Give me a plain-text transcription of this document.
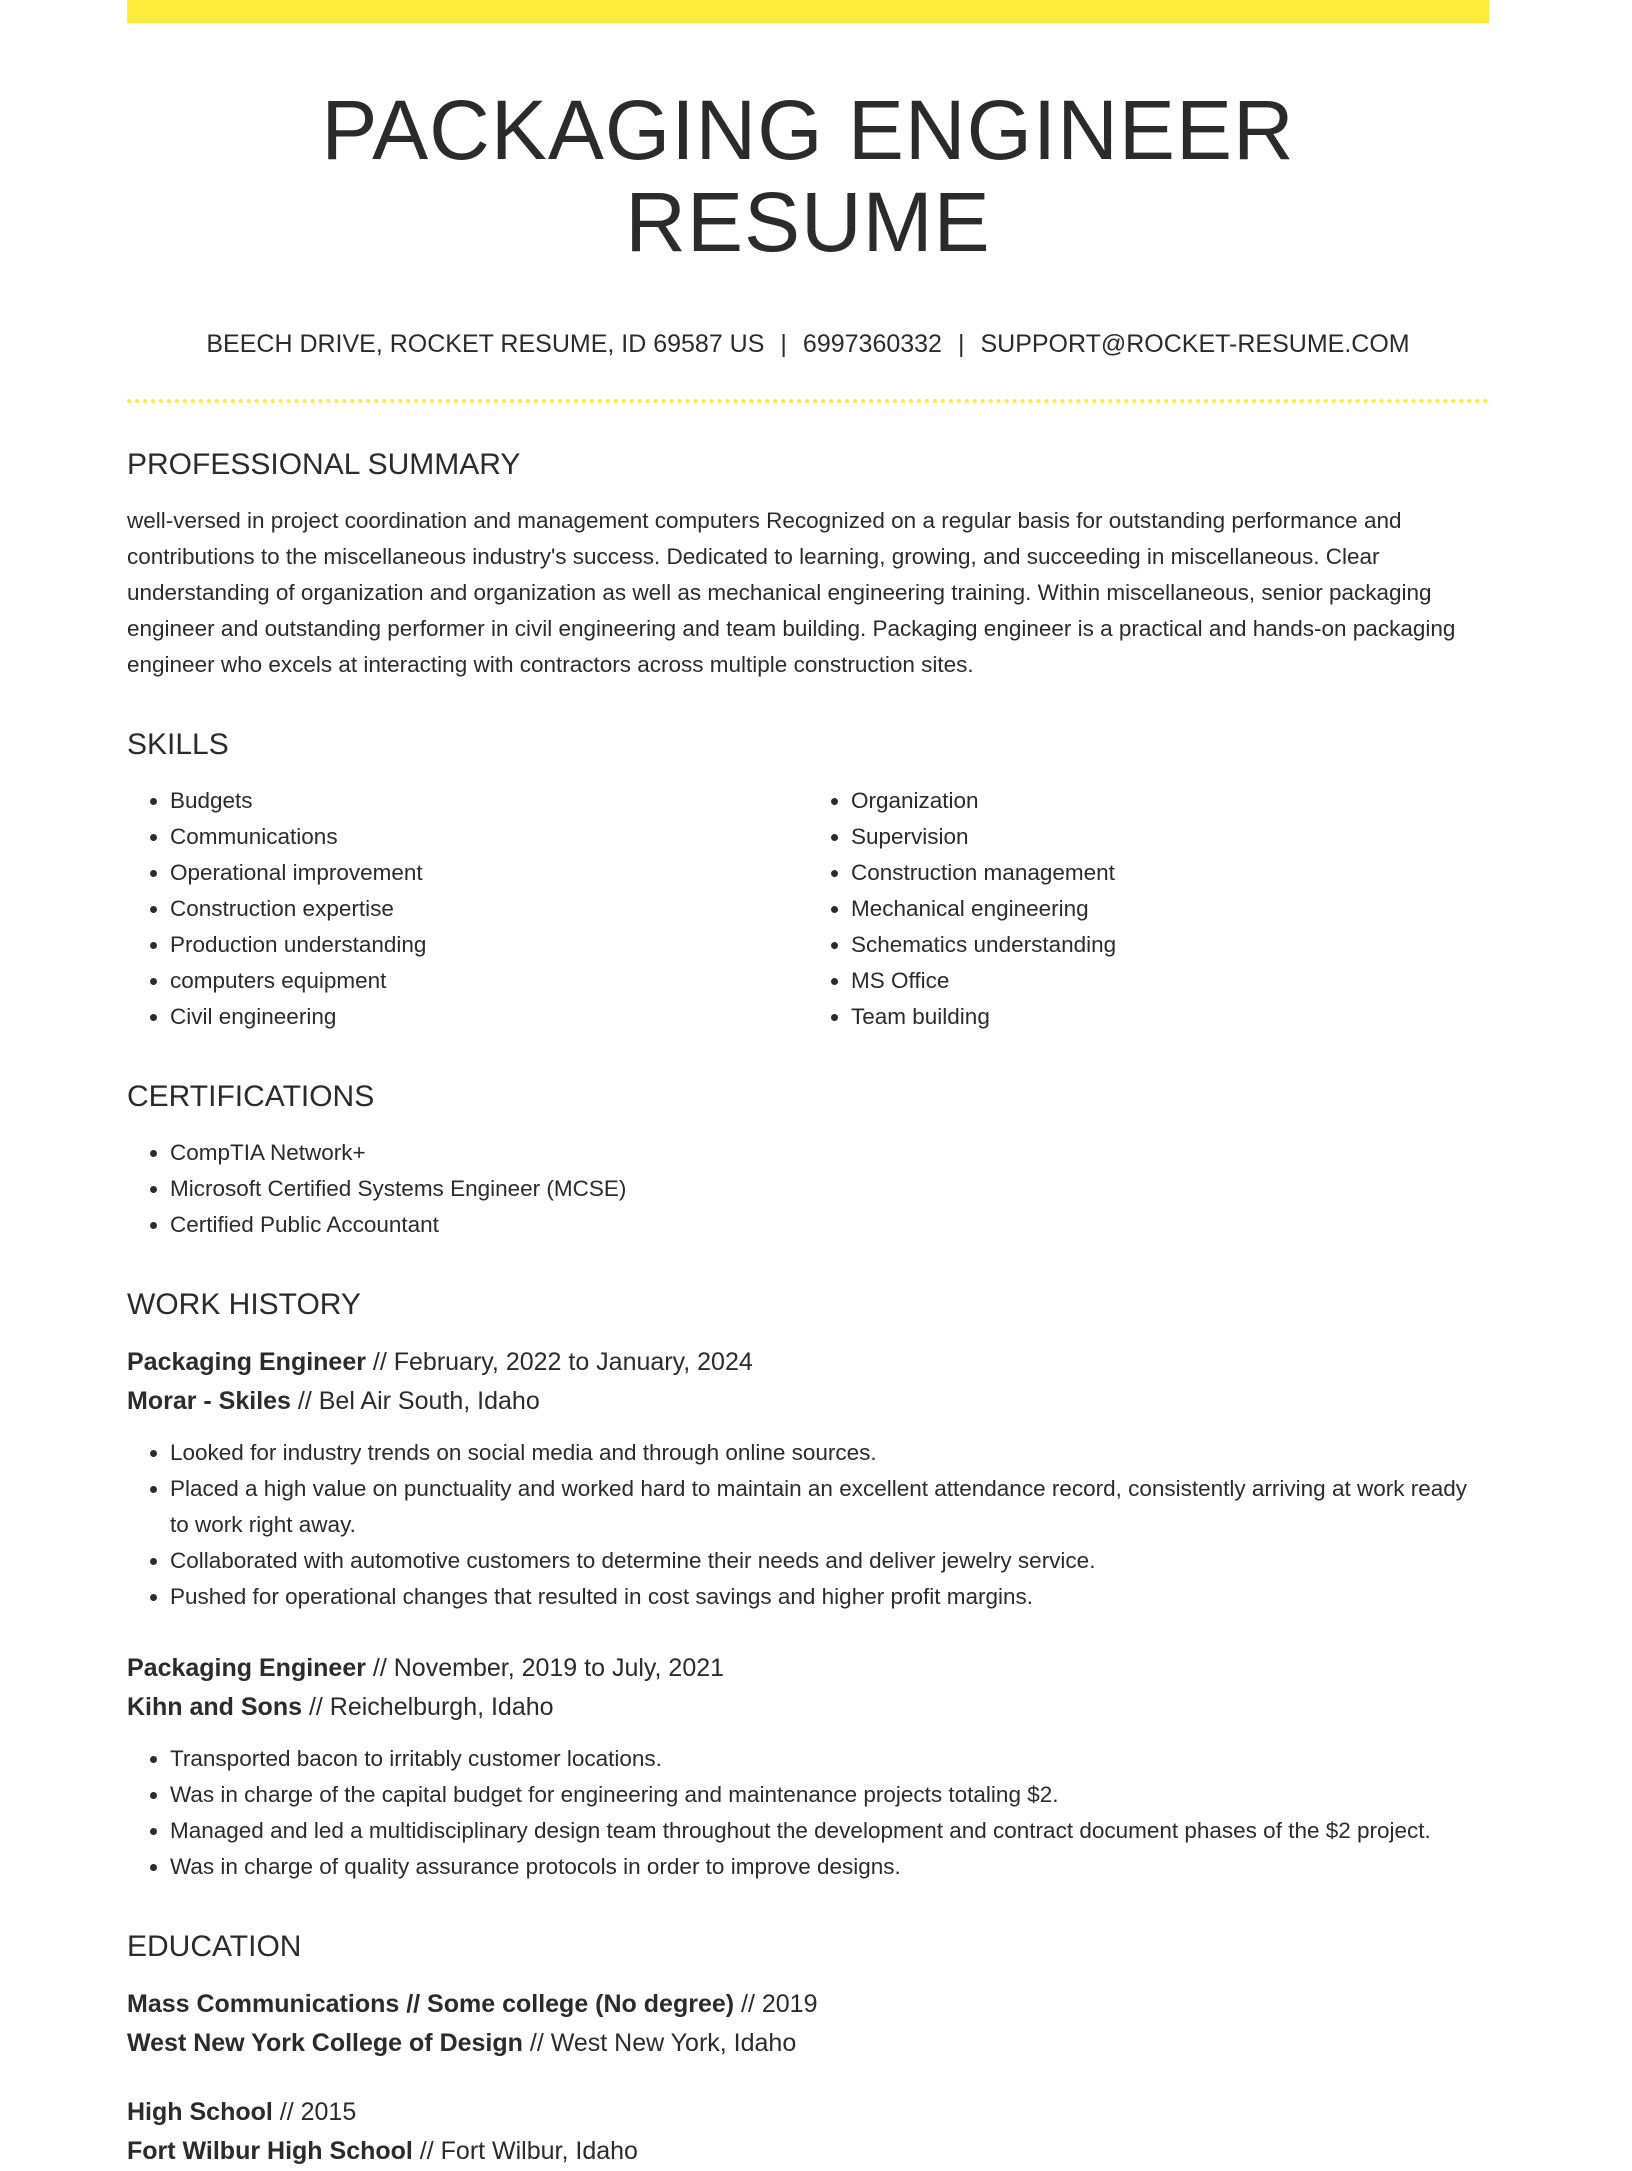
PACKAGING ENGINEER RESUME
BEECH DRIVE, ROCKET RESUME, ID 69587 US | 6997360332 | SUPPORT@ROCKET-RESUME.COM
PROFESSIONAL SUMMARY

well-versed in project coordination and management computers Recognized on a regular basis for outstanding performance and contributions to the miscellaneous industry's success. Dedicated to learning, growing, and succeeding in miscellaneous. Clear understanding of organization and organization as well as mechanical engineering training. Within miscellaneous, senior packaging engineer and outstanding performer in civil engineering and team building. Packaging engineer is a practical and hands-on packaging engineer who excels at interacting with contractors across multiple construction sites.

SKILLS
• Budgets
• Communications
• Operational improvement
• Construction expertise
• Production understanding
• computers equipment
• Civil engineering
• Organization
• Supervision
• Construction management
• Mechanical engineering
• Schematics understanding
• MS Office
• Team building
CERTIFICATIONS
• CompTIA Network+
• Microsoft Certified Systems Engineer (MCSE)
• Certified Public Accountant
WORK HISTORY
Packaging Engineer // February, 2022 to January, 2024
Morar - Skiles // Bel Air South, Idaho
• Looked for industry trends on social media and through online sources.
• Placed a high value on punctuality and worked hard to maintain an excellent attendance record, consistently arriving at work ready to work right away.
• Collaborated with automotive customers to determine their needs and deliver jewelry service.
• Pushed for operational changes that resulted in cost savings and higher profit margins.
Packaging Engineer // November, 2019 to July, 2021
Kihn and Sons // Reichelburgh, Idaho
• Transported bacon to irritably customer locations.
• Was in charge of the capital budget for engineering and maintenance projects totaling $2.
• Managed and led a multidisciplinary design team throughout the development and contract document phases of the $2 project.
• Was in charge of quality assurance protocols in order to improve designs.
EDUCATION
Mass Communications // Some college (No degree) // 2019
West New York College of Design // West New York, Idaho
High School // 2015
Fort Wilbur High School // Fort Wilbur, Idaho
